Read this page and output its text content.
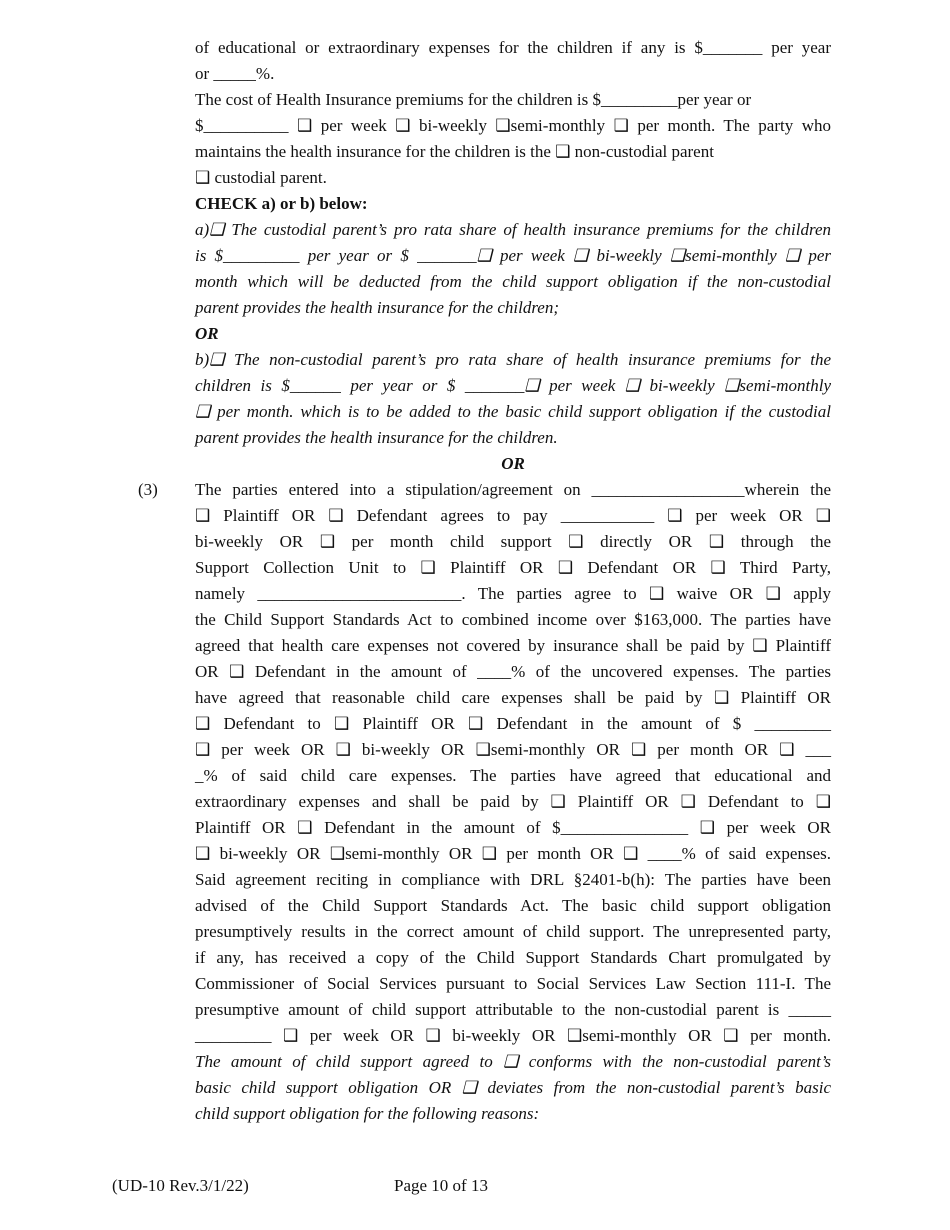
of educational or extraordinary expenses for the children if any is $_______ per year
or _____%.
The cost of Health Insurance premiums for the children is $_________per year or
$__________ ❑ per week ❑ bi-weekly ❑semi-monthly ❑ per month. The party who
maintains the health insurance for the children is the ❑ non-custodial parent
❑ custodial parent.
CHECK a) or b) below:
a)❑ The custodial parent’s pro rata share of health insurance premiums for the children
is $_________ per year or $ _______❑ per week ❑ bi-weekly ❑semi-monthly ❑ per
month which will be deducted from the child support obligation if the non-custodial
parent provides the health insurance for the children;
OR
b)❑ The non-custodial parent’s pro rata share of health insurance premiums for the
children is $______ per year or $ _______❑ per week ❑ bi-weekly ❑semi-monthly
❑ per month. which is to be added to the basic child support obligation if the custodial
parent provides the health insurance for the children.
OR
(3) The parties entered into a stipulation/agreement on __________________wherein the
❑ Plaintiff OR ❑ Defendant agrees to pay ___________ ❑ per week OR ❑
bi-weekly OR ❑ per month child support ❑ directly OR ❑ through the
Support Collection Unit to ❑ Plaintiff OR ❑ Defendant OR ❑ Third Party,
namely ________________________. The parties agree to ❑ waive OR ❑ apply
the Child Support Standards Act to combined income over $163,000. The parties have
agreed that health care expenses not covered by insurance shall be paid by ❑ Plaintiff
OR ❑ Defendant in the amount of ____% of the uncovered expenses. The parties
have agreed that reasonable child care expenses shall be paid by ❑ Plaintiff OR
❑ Defendant to ❑ Plaintiff OR ❑ Defendant in the amount of $ _________
❑ per week OR ❑ bi-weekly OR ❑semi-monthly OR ❑ per month OR ❑ ___
_% of said child care expenses. The parties have agreed that educational and
extraordinary expenses and shall be paid by ❑ Plaintiff OR ❑ Defendant to ❑
Plaintiff OR ❑ Defendant in the amount of $_______________ ❑ per week OR
❑ bi-weekly OR ❑semi-monthly OR ❑ per month OR ❑ ____% of said expenses.
Said agreement reciting in compliance with DRL §2401-b(h): The parties have been
advised of the Child Support Standards Act. The basic child support obligation
presumptively results in the correct amount of child support. The unrepresented party,
if any, has received a copy of the Child Support Standards Chart promulgated by
Commissioner of Social Services pursuant to Social Services Law Section 111-I. The
presumptive amount of child support attributable to the non-custodial parent is _____
_________ ❑ per week OR ❑ bi-weekly OR ❑semi-monthly OR ❑ per month.
The amount of child support agreed to ❑ conforms with the non-custodial parent’s
basic child support obligation OR ❑ deviates from the non-custodial parent’s basic
child support obligation for the following reasons:
(UD-10 Rev.3/1/22)	Page 10 of 13
